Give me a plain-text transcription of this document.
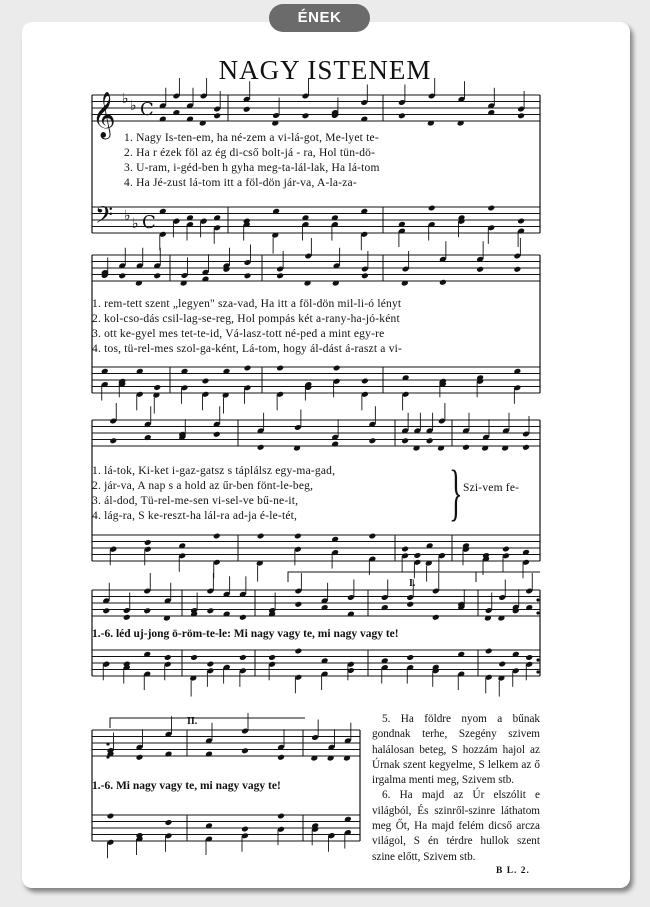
ÉNEK
NAGY ISTENEM
𝄞 ♭ ♭ C
𝄢 ♭ ♭ C
1. Nagy Is-ten-em, ha né-zem a vi-lá-got, Me-lyet te-
2. Ha r ézek föl az ég di-cső bolt-já - ra, Hol tün-dö-
3. U-ram, i-géd-ben h gyha meg-ta-lál-lak, Ha lá-tom
4. Ha Jé-zust lá-tom itt a föl-dön jár-va, A-la-za-
1. rem-tett szent „legyen" sza-vad, Ha itt a föl-dön mil-li-ó lényt
2. kol-cso-dás csil-lag-se-reg, Hol pompás két a-rany-ha-jó-ként
3. ott ke-gyel mes tet-te-id, Vá-lasz-tott né-ped a mint egy-re
4. tos, tü-rel-mes szol-ga-ként, Lá-tom, hogy ál-dást á-raszt a vi-
1. lá-tok, Ki-ket i-gaz-gatsz s táplálsz egy-ma-gad,
2. jár-va, A nap s a hold az űr-ben fönt-le-beg,
3. ál-dod, Tü-rel-me-sen vi-sel-ve bű-ne-it,
4. lág-ra, S ke-reszt-ha lál-ra ad-ja é-le-tét, } Szi-vem fe-
1.-6. léd uj-jong ö-röm-te-le: Mi nagy vagy te, mi nagy vagy te!
I.
1.-6. Mi nagy vagy te, mi nagy vagy te!
II.	5. Ha földre nyom a bűnak gondnak terhe, Szegény szivem halálosan beteg, S hozzám hajol az Úrnak szent kegyelme, S lelkem az ő irgalma menti meg, Szivem stb.

6. Ha majd az Úr elszólit e világból, És szinről-szinre láthatom meg Őt, Ha majd felém dicső arcza világol, S én térdre hullok szent szine előtt, Szivem stb.

B L. 2.
